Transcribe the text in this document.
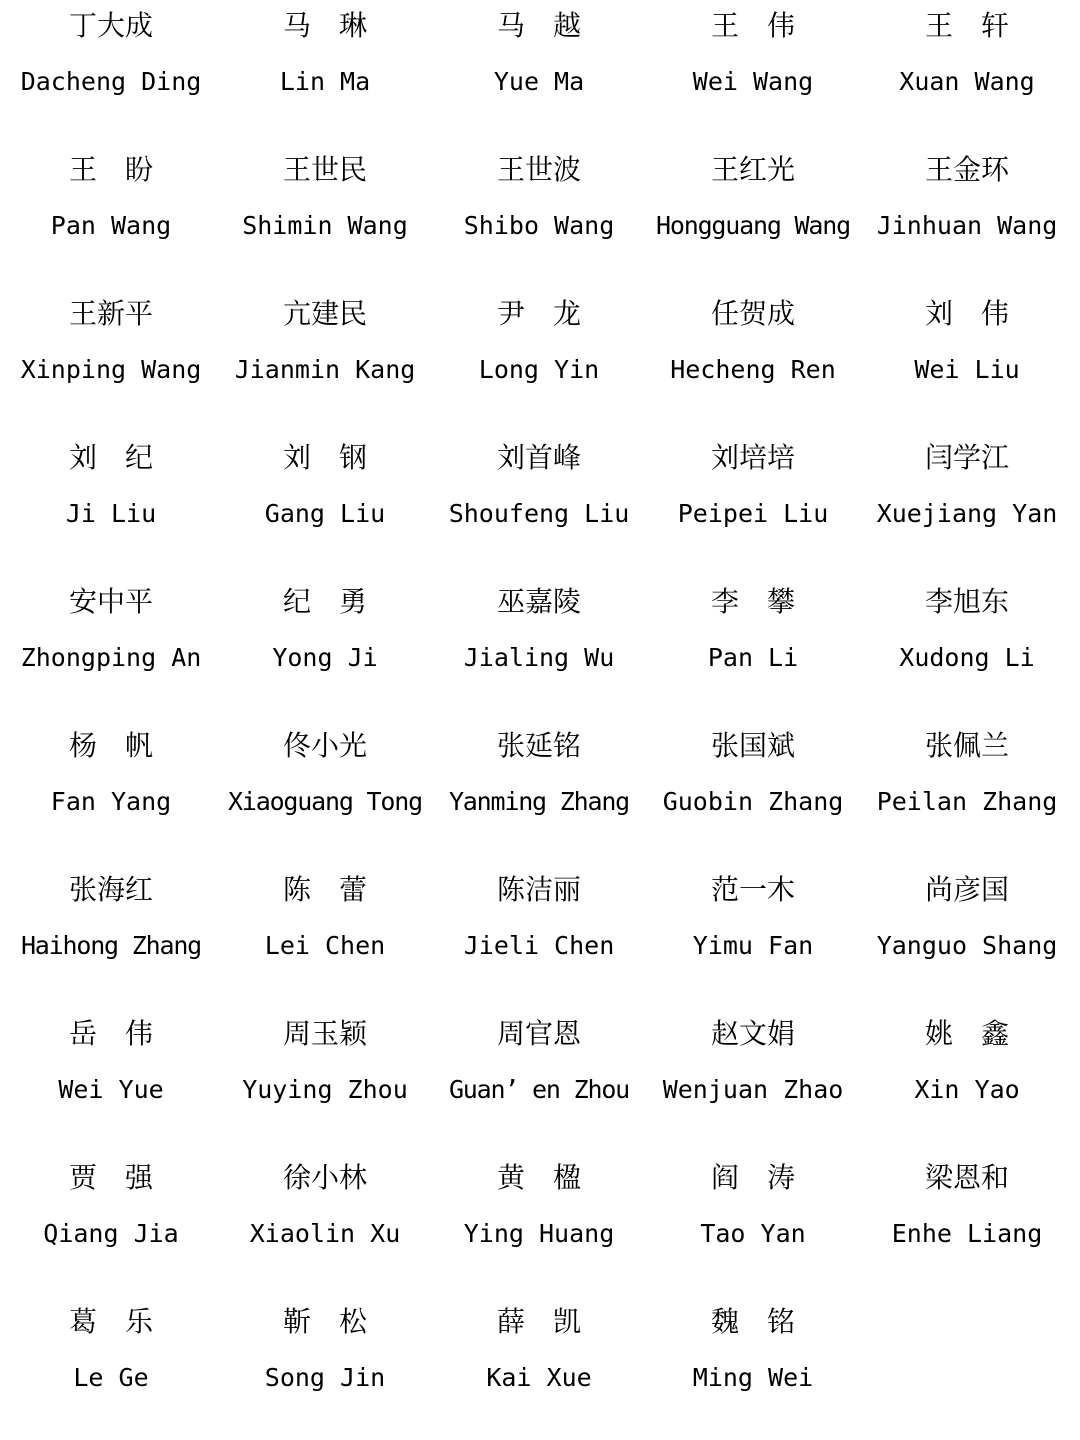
丁大成
Dacheng Ding
马　琳
Lin Ma
马　越
Yue Ma
王　伟
Wei Wang
王　轩
Xuan Wang
王　盼
Pan Wang
王世民
Shimin Wang
王世波
Shibo Wang
王红光
Hongguang Wang
王金环
Jinhuan Wang
王新平
Xinping Wang
亢建民
Jianmin Kang
尹　龙
Long Yin
任贺成
Hecheng Ren
刘　伟
Wei Liu
刘　纪
Ji Liu
刘　钢
Gang Liu
刘首峰
Shoufeng Liu
刘培培
Peipei Liu
闫学江
Xuejiang Yan
安中平
Zhongping An
纪　勇
Yong Ji
巫嘉陵
Jialing Wu
李　攀
Pan Li
李旭东
Xudong Li
杨　帆
Fan Yang
佟小光
Xiaoguang Tong
张延铭
Yanming Zhang
张国斌
Guobin Zhang
张佩兰
Peilan Zhang
张海红
Haihong Zhang
陈　蕾
Lei Chen
陈洁丽
Jieli Chen
范一木
Yimu Fan
尚彦国
Yanguo Shang
岳　伟
Wei Yue
周玉颖
Yuying Zhou
周官恩
Guan’ en Zhou
赵文娟
Wenjuan Zhao
姚　鑫
Xin Yao
贾　强
Qiang Jia
徐小林
Xiaolin Xu
黄　楹
Ying Huang
阎　涛
Tao Yan
梁恩和
Enhe Liang
葛　乐
Le Ge
靳　松
Song Jin
薛　凯
Kai Xue
魏　铭
Ming Wei
